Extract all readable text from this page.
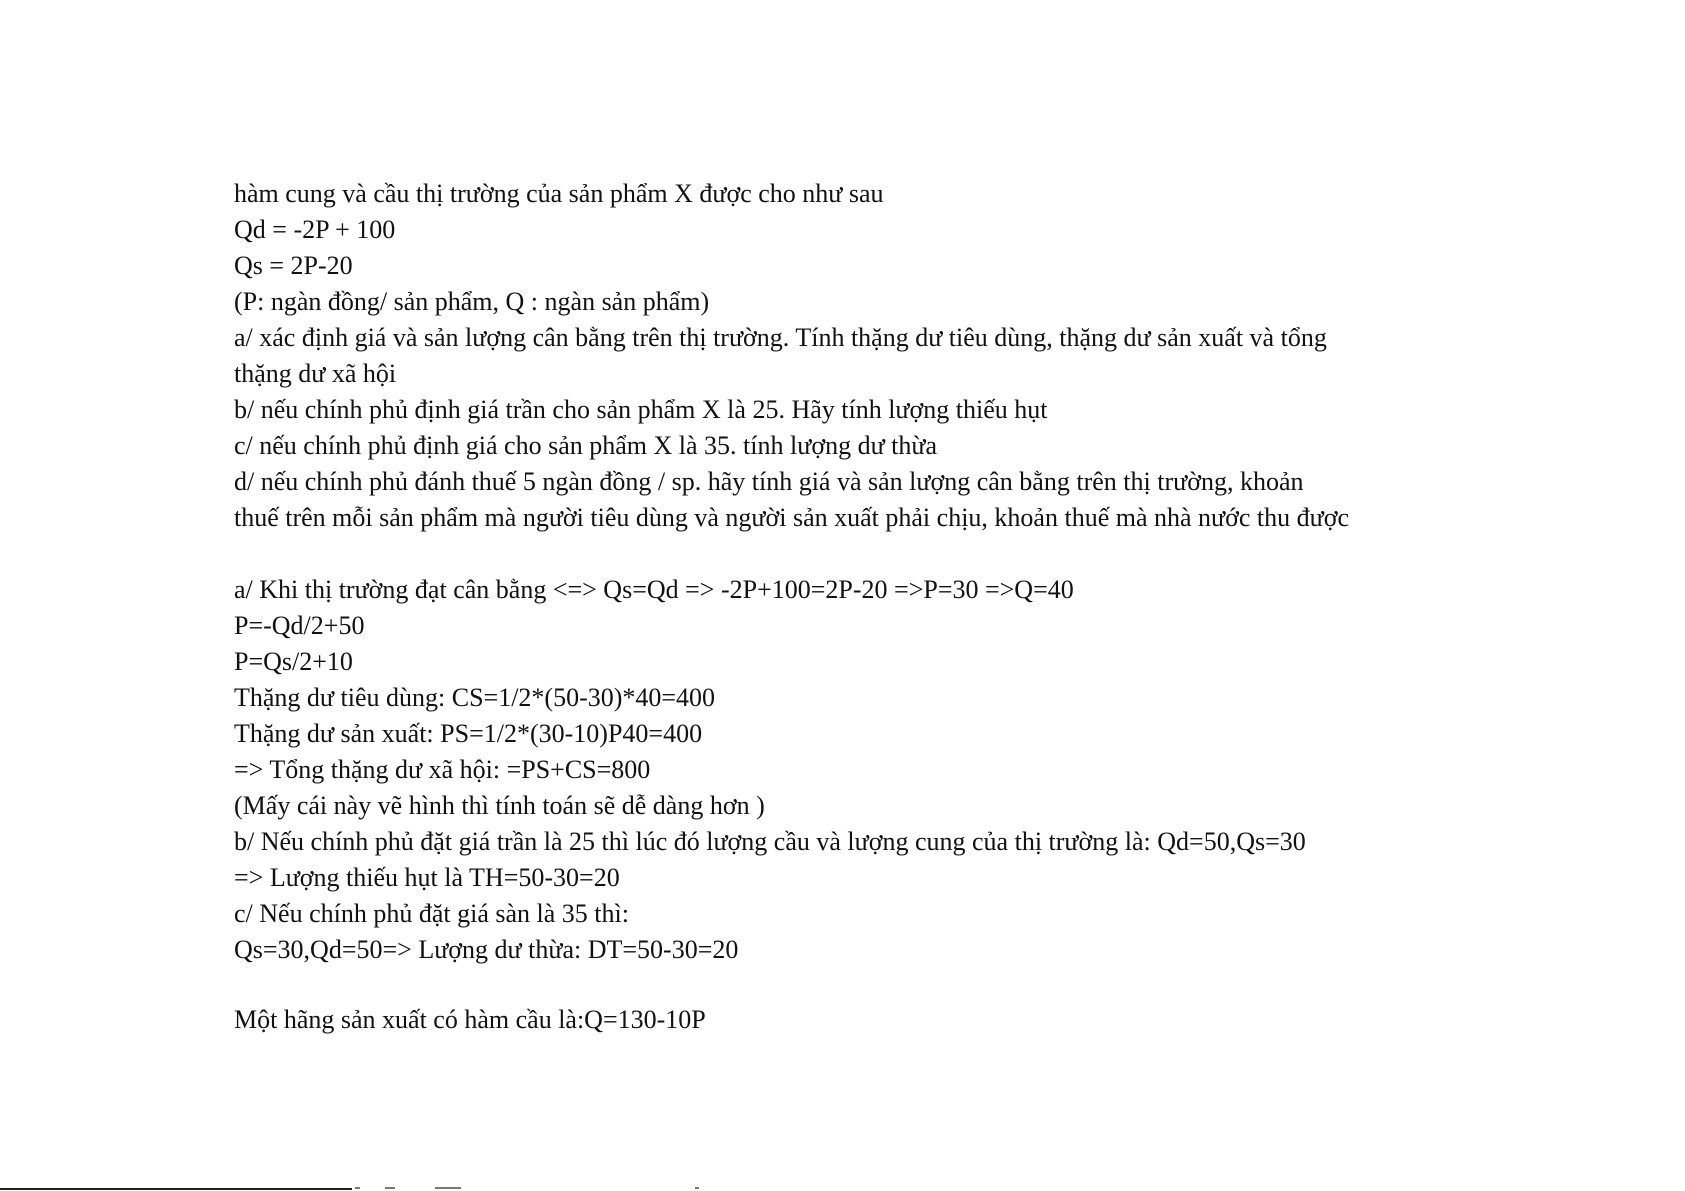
hàm cung và cầu thị trường của sản phẩm X được cho như sau
Qd = -2P + 100
Qs = 2P-20
(P: ngàn đồng/ sản phẩm, Q : ngàn sản phẩm)
a/ xác định giá và sản lượng cân bằng trên thị trường. Tính thặng dư tiêu dùng, thặng dư sản xuất và tổng
thặng dư xã hội
b/ nếu chính phủ định giá trần cho sản phẩm X là 25. Hãy tính lượng thiếu hụt
c/ nếu chính phủ định giá cho sản phẩm X là 35. tính lượng dư thừa
d/ nếu chính phủ đánh thuế 5 ngàn đồng / sp. hãy tính giá và sản lượng cân bằng trên thị trường, khoản
thuế trên mỗi sản phẩm mà người tiêu dùng và người sản xuất phải chịu, khoản thuế mà nhà nước thu được
a/ Khi thị trường đạt cân bằng <=> Qs=Qd => -2P+100=2P-20 =>P=30 =>Q=40
P=-Qd/2+50
P=Qs/2+10
Thặng dư tiêu dùng: CS=1/2*(50-30)*40=400
Thặng dư sản xuất: PS=1/2*(30-10)P40=400
=> Tổng thặng dư xã hội: =PS+CS=800
(Mấy cái này vẽ hình thì tính toán sẽ dễ dàng hơn )
b/ Nếu chính phủ đặt giá trần là 25 thì lúc đó lượng cầu và lượng cung của thị trường là: Qd=50,Qs=30
=> Lượng thiếu hụt là TH=50-30=20
c/ Nếu chính phủ đặt giá sàn là 35 thì:
Qs=30,Qd=50=> Lượng dư thừa: DT=50-30=20
Một hãng sản xuất có hàm cầu là:Q=130-10P
